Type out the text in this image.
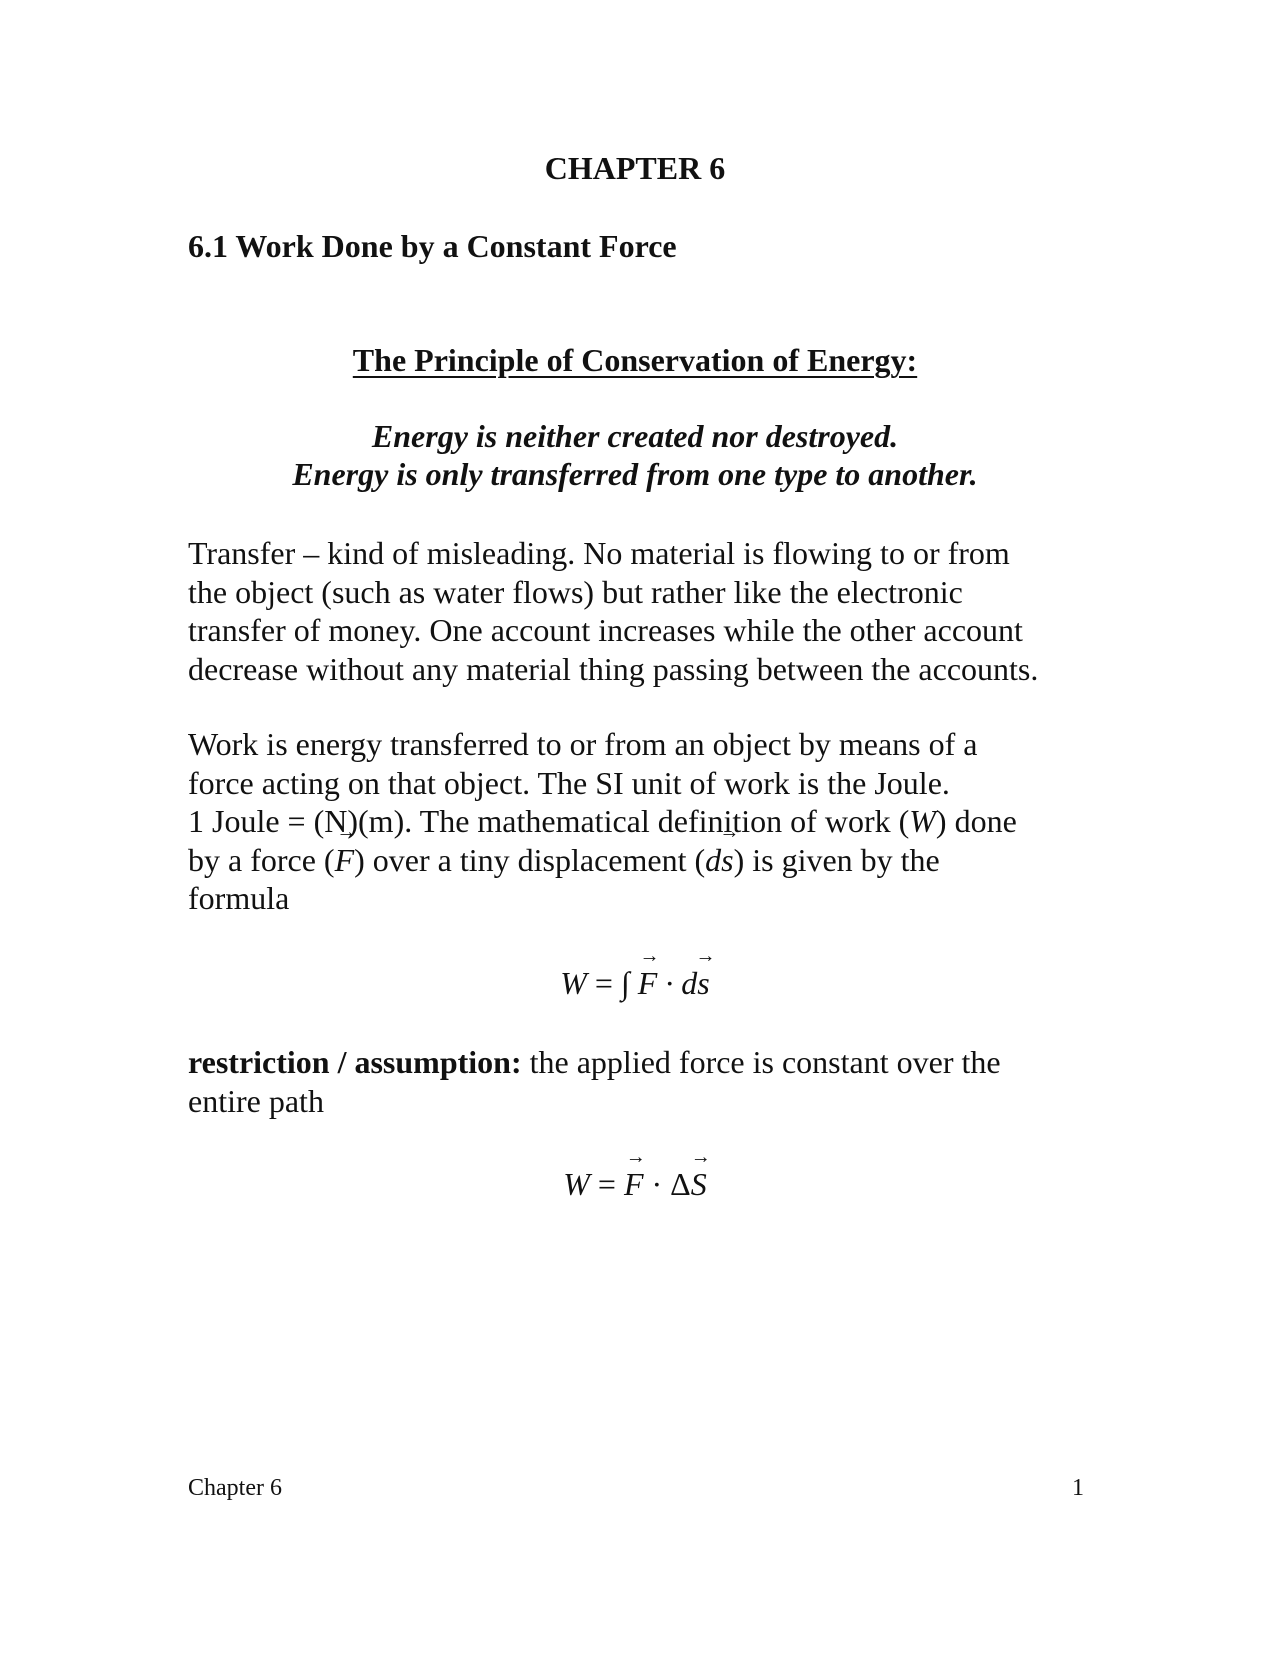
CHAPTER 6
6.1 Work Done by a Constant Force
The Principle of Conservation of Energy:

Energy is neither created nor destroyed.

Energy is only transferred from one type to another.

Transfer – kind of misleading. No material is flowing to or from
the object (such as water flows) but rather like the electronic
transfer of money. One account increases while the other account
decrease without any material thing passing between the accounts.
Work is energy transferred to or from an object by means of a
force acting on that object. The SI unit of work is the Joule.
1 Joule = (N)(m). The mathematical definition of work (W) done
by a force (→ F) over a tiny displacement (d→ s) is given by the
formula
W = ∫ → F · d→ s
restriction / assumption: the applied force is constant over the
entire path
W = → F · Δ→ S
Chapter 6	1
